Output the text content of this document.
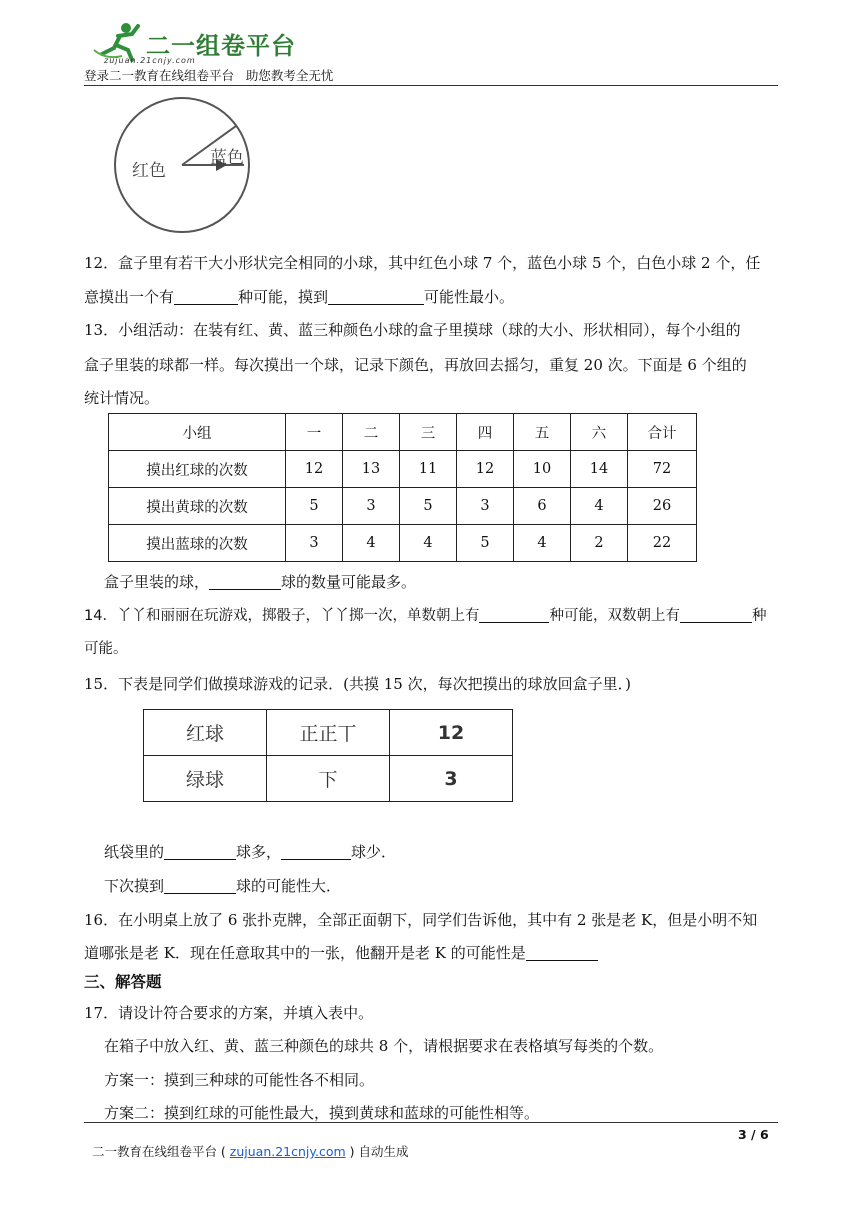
二一组卷平台
zujuan.21cnjy.com
登录二一教育在线组卷平台   助您教考全无忧
红色
蓝色
12．盒子里有若干大小形状完全相同的小球，其中红色小球 7 个，蓝色小球 5 个，白色小球 2 个，任
意摸出一个有	种可能，摸到	可能性最小。
13．小组活动：在装有红、黄、蓝三种颜色小球的盒子里摸球（球的大小、形状相同），每个小组的
盒子里装的球都一样。每次摸出一个球，记录下颜色，再放回去摇匀，重复 20 次。下面是 6 个组的
统计情况。
小组	一	二	三	四	五	六	合计
摸出红球的次数	12	13	11	12	10	14	72
摸出黄球的次数	5	3	5	3	6	4	26
摸出蓝球的次数	3	4	4	5	4	2	22
盒子里装的球，	球的数量可能最多。
14．丫丫和丽丽在玩游戏，掷骰子，丫丫掷一次，单数朝上有	种可能，双数朝上有	种
可能。
15．下表是同学们做摸球游戏的记录．(共摸 15 次，每次把摸出的球放回盒子里．)
红球	正正丅	12
绿球	下	3
纸袋里的	球多，	球少．
下次摸到	球的可能性大．
16．在小明桌上放了 6 张扑克牌，全部正面朝下，同学们告诉他，其中有 2 张是老 K，但是小明不知
道哪张是老 K．现在任意取其中的一张，他翻开是老 K 的可能性是
三、解答题
17．请设计符合要求的方案，并填入表中。
在箱子中放入红、黄、蓝三种颜色的球共 8 个，请根据要求在表格填写每类的个数。
方案一：摸到三种球的可能性各不相同。
方案二：摸到红球的可能性最大，摸到黄球和蓝球的可能性相等。

二一教育在线组卷平台 ( zujuan.21cnjy.com ) 自动生成

3 / 6
